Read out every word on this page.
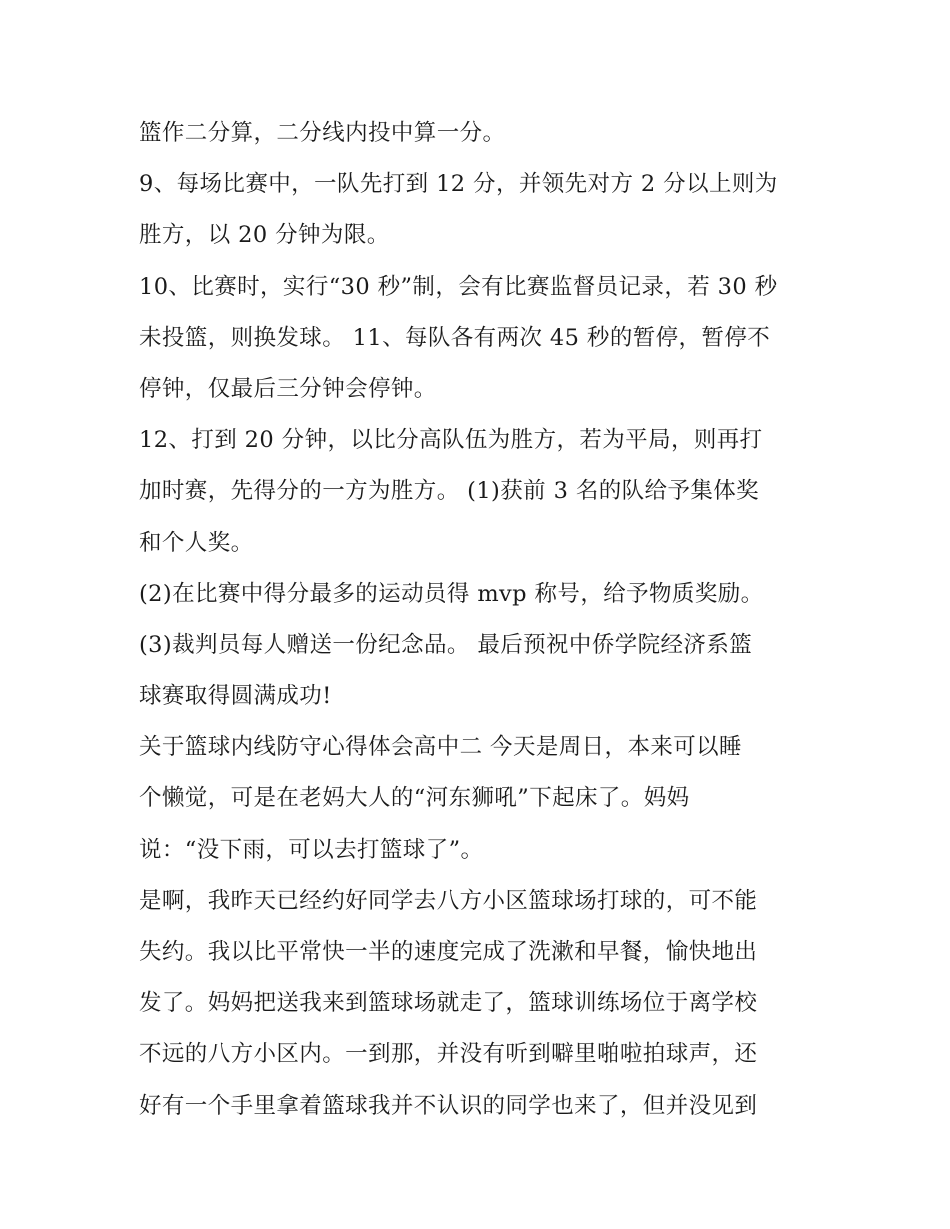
篮作二分算，二分线内投中算一分。
9、每场比赛中，一队先打到 12 分，并领先对方 2 分以上则为
胜方，以 20 分钟为限。
10、比赛时，实行“30 秒”制，会有比赛监督员记录，若 30 秒
未投篮，则换发球。 11、每队各有两次 45 秒的暂停，暂停不
停钟，仅最后三分钟会停钟。
12、打到 20 分钟，以比分高队伍为胜方，若为平局，则再打
加时赛，先得分的一方为胜方。 (1)获前 3 名的队给予集体奖
和个人奖。
(2)在比赛中得分最多的运动员得 mvp 称号，给予物质奖励。
(3)裁判员每人赠送一份纪念品。 最后预祝中侨学院经济系篮
球赛取得圆满成功!
关于篮球内线防守心得体会高中二 今天是周日，本来可以睡
个懒觉，可是在老妈大人的“河东狮吼”下起床了。妈妈
说：“没下雨，可以去打篮球了”。
是啊，我昨天已经约好同学去八方小区篮球场打球的，可不能
失约。我以比平常快一半的速度完成了洗漱和早餐，愉快地出
发了。妈妈把送我来到篮球场就走了，篮球训练场位于离学校
不远的八方小区内。一到那，并没有听到噼里啪啦拍球声，还
好有一个手里拿着篮球我并不认识的同学也来了，但并没见到
